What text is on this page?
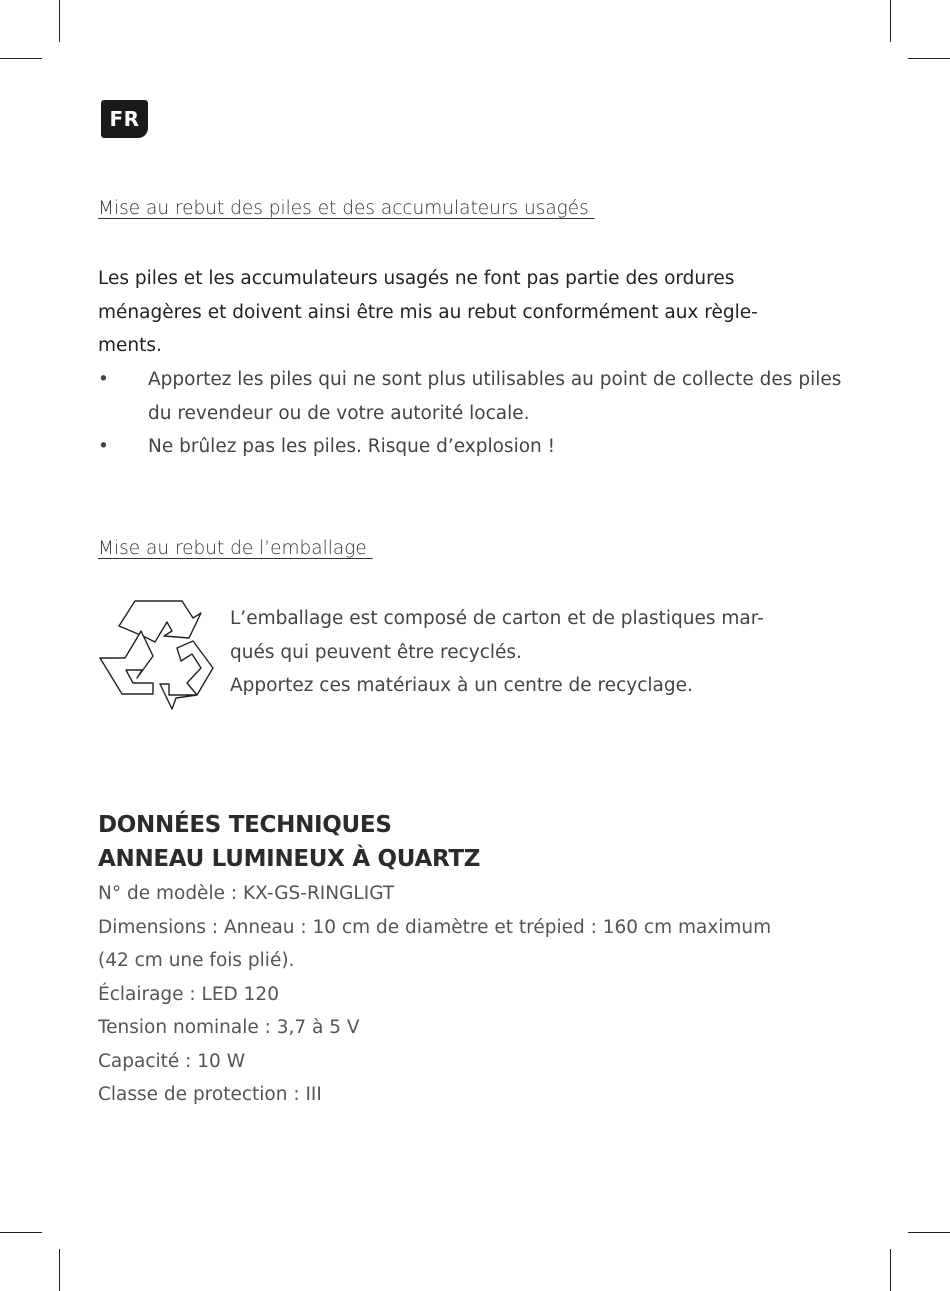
FR
Mise au rebut des piles et des accumulateurs usagés
Les piles et les accumulateurs usagés ne font pas partie des ordures
ménagères et doivent ainsi être mis au rebut conformément aux règle-
ments.
• Apportez les piles qui ne sont plus utilisables au point de collecte des piles du revendeur ou de votre autorité locale.
• Ne brûlez pas les piles. Risque d’explosion !
Mise au rebut de l’emballage
L’emballage est composé de carton et de plastiques mar-
qués qui peuvent être recyclés.
Apportez ces matériaux à un centre de recyclage.
DONNÉES TECHNIQUES
ANNEAU LUMINEUX À QUARTZ
N° de modèle : KX-GS-RINGLIGT
Dimensions : Anneau : 10 cm de diamètre et trépied : 160 cm maximum
(42 cm une fois plié).
Éclairage : LED 120
Tension nominale : 3,7 à 5 V
Capacité : 10 W
Classe de protection : III
